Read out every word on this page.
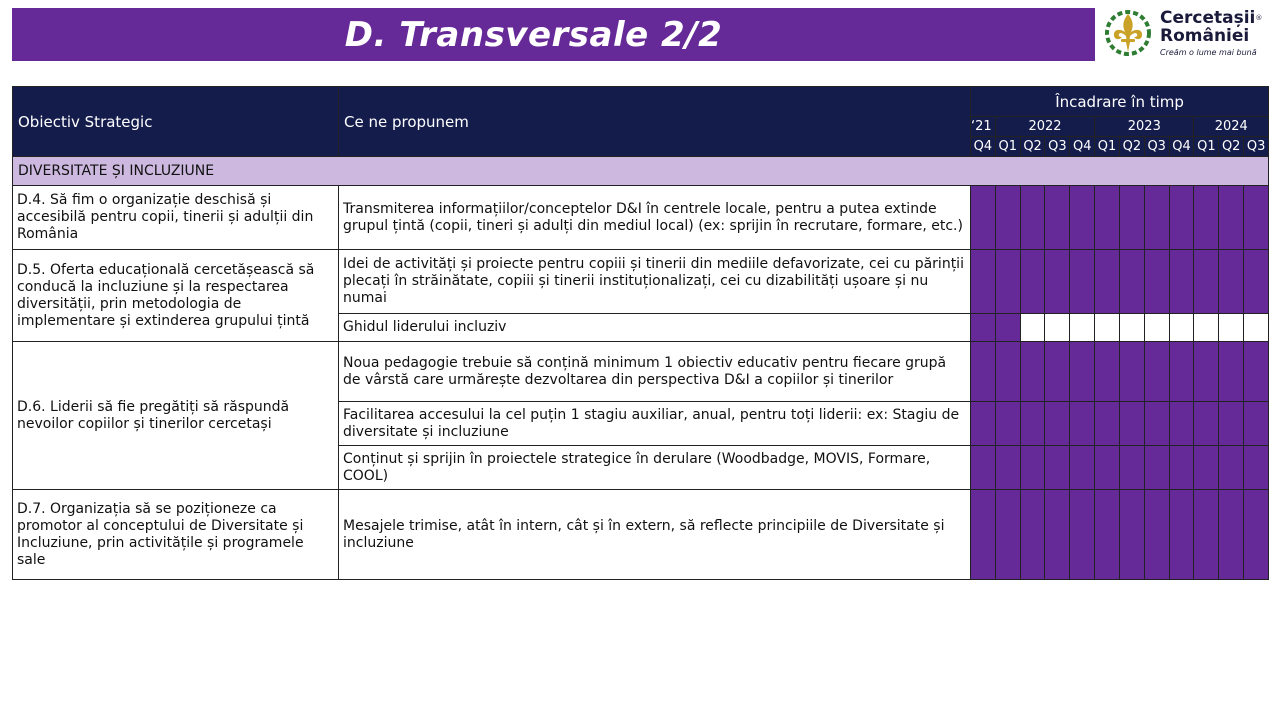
D. Transversale 2/2	Cercetașii®
României
Creăm o lume mai bună
Obiectiv Strategic	Ce ne propunem	Încadrare în timp											
		‘21	2022				2023				2024		
		Q4	Q1	Q2	Q3	Q4	Q1	Q2	Q3	Q4	Q1	Q2	Q3
DIVERSITATE ȘI INCLUZIUNE													
D.4. Să fim o organizație deschisă și accesibilă pentru copii, tinerii și adulții din România	Transmiterea informațiilor/conceptelor D&I în centrele locale, pentru a putea extinde grupul țintă (copii, tineri și adulți din mediul local) (ex: sprijin în recrutare, formare, etc.)												
D.5. Oferta educațională cercetășească să conducă la incluziune și la respectarea diversității, prin metodologia de implementare și extinderea grupului țintă	Idei de activități și proiecte pentru copiii și tinerii din mediile defavorizate, cei cu părinții plecați în străinătate, copiii și tinerii instituționalizați, cei cu dizabilități ușoare și nu numai												
	Ghidul liderului incluziv												
D.6. Liderii să fie pregătiți să răspundă nevoilor copiilor și tinerilor cercetași	Noua pedagogie trebuie să conțină minimum 1 obiectiv educativ pentru fiecare grupă de vârstă care urmărește dezvoltarea din perspectiva D&I a copiilor și tinerilor												
	Facilitarea accesului la cel puțin 1 stagiu auxiliar, anual, pentru toți liderii: ex: Stagiu de diversitate și incluziune												
	Conținut și sprijin în proiectele strategice în derulare (Woodbadge, MOVIS, Formare, COOL)												
D.7. Organizația să se poziționeze ca promotor al conceptului de Diversitate și Incluziune, prin activitățile și programele sale	Mesajele trimise, atât în intern, cât și în extern, să reflecte principiile de Diversitate și incluziune												
